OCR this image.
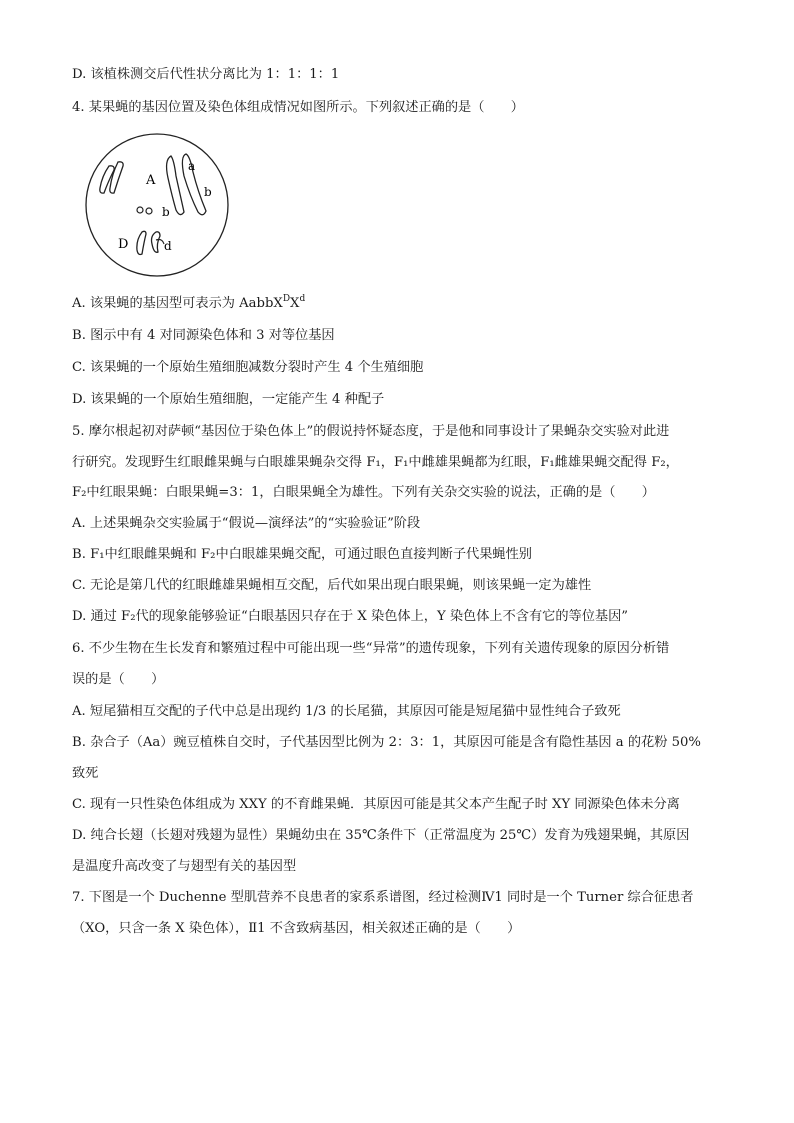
D. 该植株测交后代性状分离比为 1：1：1：1
4. 某果蝇的基因位置及染色体组成情况如图所示。下列叙述正确的是（　　）
A
a
b
b
D	d
A. 该果蝇的基因型可表示为 $AabbX^DX^d$
B. 图示中有 4 对同源染色体和 3 对等位基因
C. 该果蝇的一个原始生殖细胞减数分裂时产生 4 个生殖细胞
D. 该果蝇的一个原始生殖细胞，一定能产生 4 种配子
5. 摩尔根起初对萨顿“基因位于染色体上”的假说持怀疑态度，于是他和同事设计了果蝇杂交实验对此进
行研究。发现野生红眼雌果蝇与白眼雄果蝇杂交得 F₁，F₁中雌雄果蝇都为红眼，F₁雌雄果蝇交配得 F₂，
F₂中红眼果蝇：白眼果蝇=3：1，白眼果蝇全为雄性。下列有关杂交实验的说法，正确的是（　　）
A. 上述果蝇杂交实验属于“假说—演绎法”的“实验验证”阶段
B. F₁中红眼雌果蝇和 F₂中白眼雄果蝇交配，可通过眼色直接判断子代果蝇性别
C. 无论是第几代的红眼雌雄果蝇相互交配，后代如果出现白眼果蝇，则该果蝇一定为雄性
D. 通过 F₂代的现象能够验证“白眼基因只存在于 X 染色体上，Y 染色体上不含有它的等位基因”
6. 不少生物在生长发育和繁殖过程中可能出现一些“异常”的遗传现象，下列有关遗传现象的原因分析错
误的是（　　）
A. 短尾猫相互交配的子代中总是出现约 1/3 的长尾猫，其原因可能是短尾猫中显性纯合子致死
B. 杂合子（Aa）豌豆植株自交时，子代基因型比例为 2：3：1，其原因可能是含有隐性基因 a 的花粉 50%
致死
C. 现有一只性染色体组成为 XXY 的不育雌果蝇．其原因可能是其父本产生配子时 XY 同源染色体未分离
D. 纯合长翅（长翅对残翅为显性）果蝇幼虫在 35℃条件下（正常温度为 25℃）发育为残翅果蝇，其原因
是温度升高改变了与翅型有关的基因型
7. 下图是一个 Duchenne 型肌营养不良患者的家系系谱图，经过检测Ⅳ1 同时是一个 Turner 综合征患者
（XO，只含一条 X 染色体），Ⅱ1 不含致病基因，相关叙述正确的是（　　）
